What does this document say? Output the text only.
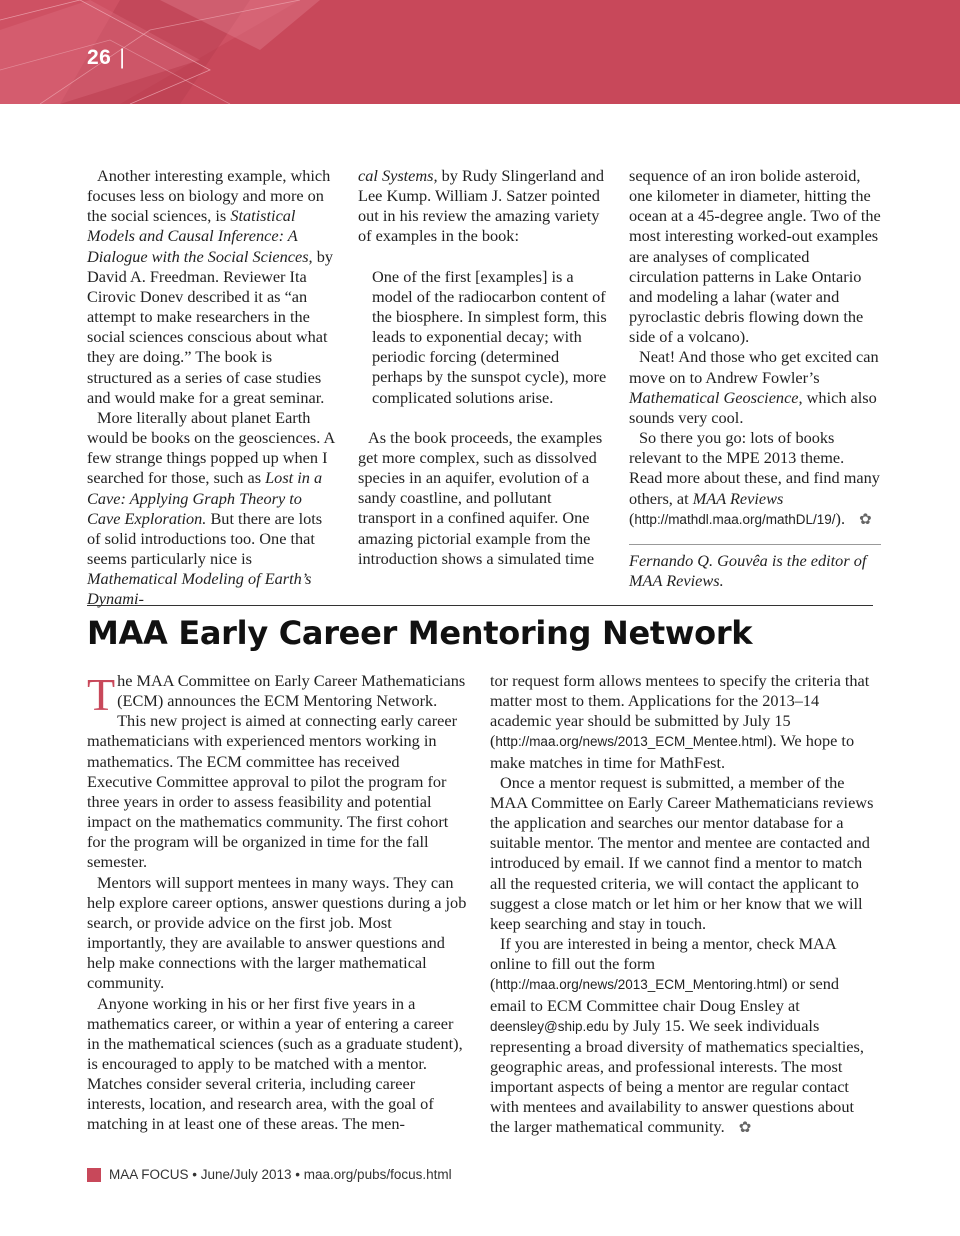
26 |

Another interesting example, which focuses less on biology and more on the social sciences, is Statistical Models and Causal Inference: A Dialogue with the Social Sciences, by David A. Freedman. Reviewer Ita Cirovic Donev described it as “an attempt to make researchers in the social sciences conscious about what they are doing.” The book is structured as a series of case studies and would make for a great seminar.

More literally about planet Earth would be books on the geosciences. A few strange things popped up when I searched for those, such as Lost in a Cave: Applying Graph Theory to Cave Exploration. But there are lots of solid introductions too. One that seems particularly nice is Mathematical Modeling of Earth’s Dynami-

cal Systems, by Rudy Slingerland and Lee Kump. William J. Satzer pointed out in his review the amazing variety of examples in the book:

One of the first [examples] is a model of the radiocarbon content of the biosphere. In simplest form, this leads to exponential decay; with periodic forcing (determined perhaps by the sunspot cycle), more complicated solutions arise.

As the book proceeds, the examples get more complex, such as dissolved species in an aquifer, evolution of a sandy coastline, and pollutant transport in a confined aquifer. One amazing pictorial example from the introduction shows a simulated time

sequence of an iron bolide asteroid, one kilometer in diameter, hitting the ocean at a 45-degree angle. Two of the most interesting worked-out examples are analyses of complicated circulation patterns in Lake Ontario and modeling a lahar (water and pyroclastic debris flowing down the side of a volcano).

Neat! And those who get excited can move on to Andrew Fowler’s Mathematical Geoscience, which also sounds very cool.

So there you go: lots of books relevant to the MPE 2013 theme. Read more about these, and find many others, at MAA Reviews (http://mathdl.maa.org/mathDL/19/). ✿

Fernando Q. Gouvêa is the editor of MAA Reviews.

MAA Early Career Mentoring Network

The MAA Committee on Early Career Mathematicians (ECM) announces the ECM Mentoring Network. This new project is aimed at connecting early career mathematicians with experienced mentors working in mathematics. The ECM committee has received Executive Committee approval to pilot the program for three years in order to assess feasibility and potential impact on the mathematics community. The first cohort for the program will be organized in time for the fall semester.

Mentors will support mentees in many ways. They can help explore career options, answer questions during a job search, or provide advice on the first job. Most importantly, they are available to answer questions and help make connections with the larger mathematical community.

Anyone working in his or her first five years in a mathematics career, or within a year of entering a career in the mathematical sciences (such as a graduate student), is encouraged to apply to be matched with a mentor. Matches consider several criteria, including career interests, location, and research area, with the goal of matching in at least one of these areas. The men-

tor request form allows mentees to specify the criteria that matter most to them. Applications for the 2013–14 academic year should be submitted by July 15 (http://maa.org/news/2013_ECM_Mentee.html). We hope to make matches in time for MathFest.

Once a mentor request is submitted, a member of the MAA Committee on Early Career Mathematicians reviews the application and searches our mentor database for a suitable mentor. The mentor and mentee are contacted and introduced by email. If we cannot find a mentor to match all the requested criteria, we will contact the applicant to suggest a close match or let him or her know that we will keep searching and stay in touch.

If you are interested in being a mentor, check MAA online to fill out the form (http://maa.org/news/2013_ECM_Mentoring.html) or send email to ECM Committee chair Doug Ensley at deensley@ship.edu by July 15. We seek individuals representing a broad diversity of mathematics specialties, geographic areas, and professional interests. The most important aspects of being a mentor are regular contact with mentees and availability to answer questions about the larger mathematical community. ✿

MAA FOCUS • June/July 2013 • maa.org/pubs/focus.html
